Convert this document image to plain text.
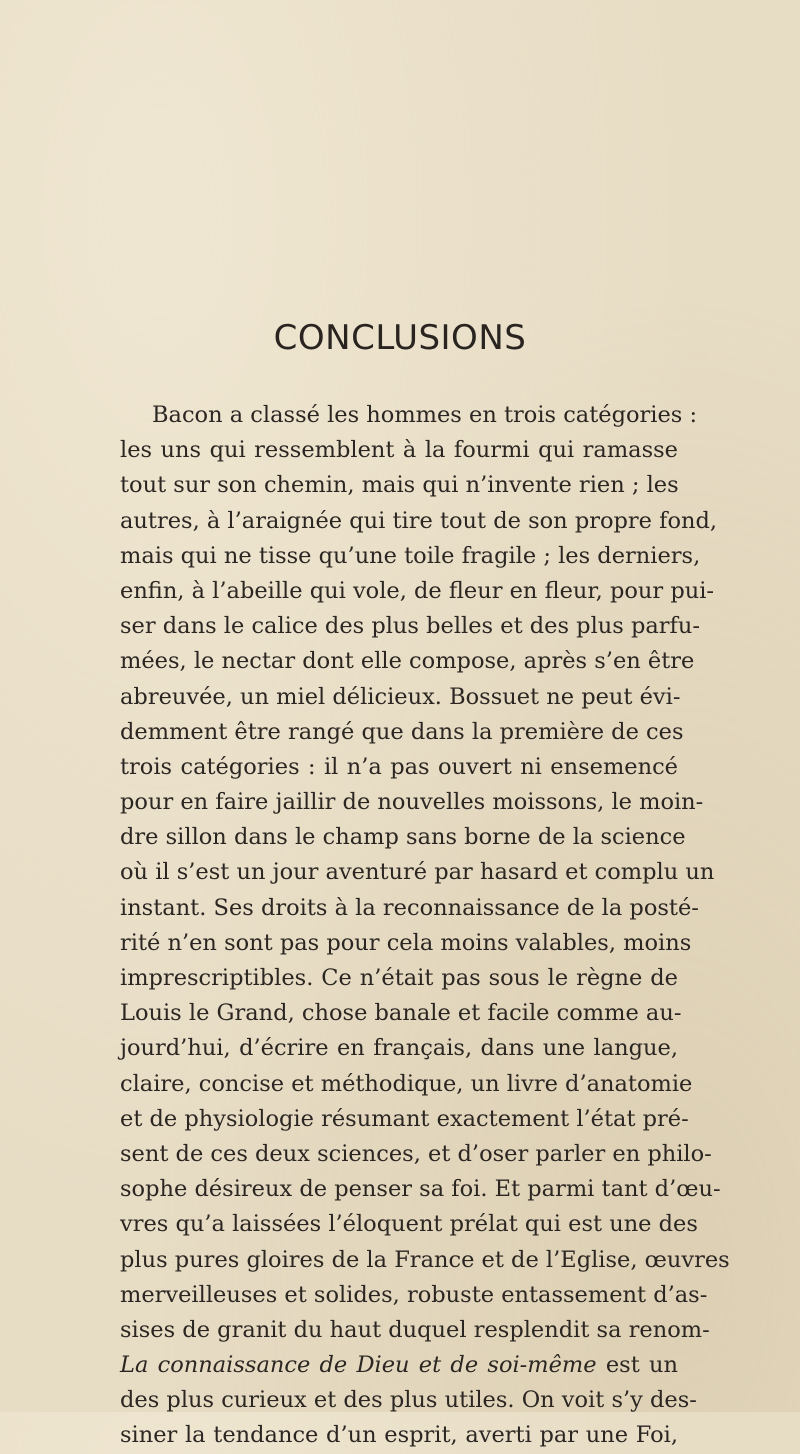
CONCLUSIONS
Bacon a classé les hommes en trois catégories :
les uns qui ressemblent à la fourmi qui ramasse
tout sur son chemin, mais qui n’invente rien ; les
autres, à l’araignée qui tire tout de son propre fond,
mais qui ne tisse qu’une toile fragile ; les derniers,
enfin, à l’abeille qui vole, de fleur en fleur, pour pui-
ser dans le calice des plus belles et des plus parfu-
mées, le nectar dont elle compose, après s’en être
abreuvée, un miel délicieux. Bossuet ne peut évi-
demment être rangé que dans la première de ces
trois catégories : il n’a pas ouvert ni ensemencé
pour en faire jaillir de nouvelles moissons, le moin-
dre sillon dans le champ sans borne de la science
où il s’est un jour aventuré par hasard et complu un
instant. Ses droits à la reconnaissance de la posté-
rité n’en sont pas pour cela moins valables, moins
imprescriptibles. Ce n’était pas sous le règne de
Louis le Grand, chose banale et facile comme au-
jourd’hui, d’écrire en français, dans une langue,
claire, concise et méthodique, un livre d’anatomie
et de physiologie résumant exactement l’état pré-
sent de ces deux sciences, et d’oser parler en philo-
sophe désireux de penser sa foi. Et parmi tant d’œu-
vres qu’a laissées l’éloquent prélat qui est une des
plus pures gloires de la France et de l’Eglise, œuvres
merveilleuses et solides, robuste entassement d’as-
sises de granit du haut duquel resplendit sa renom-
La connaissance de Dieu et de soi-même est un
des plus curieux et des plus utiles. On voit s’y des-
siner la tendance d’un esprit, averti par une Foi,
